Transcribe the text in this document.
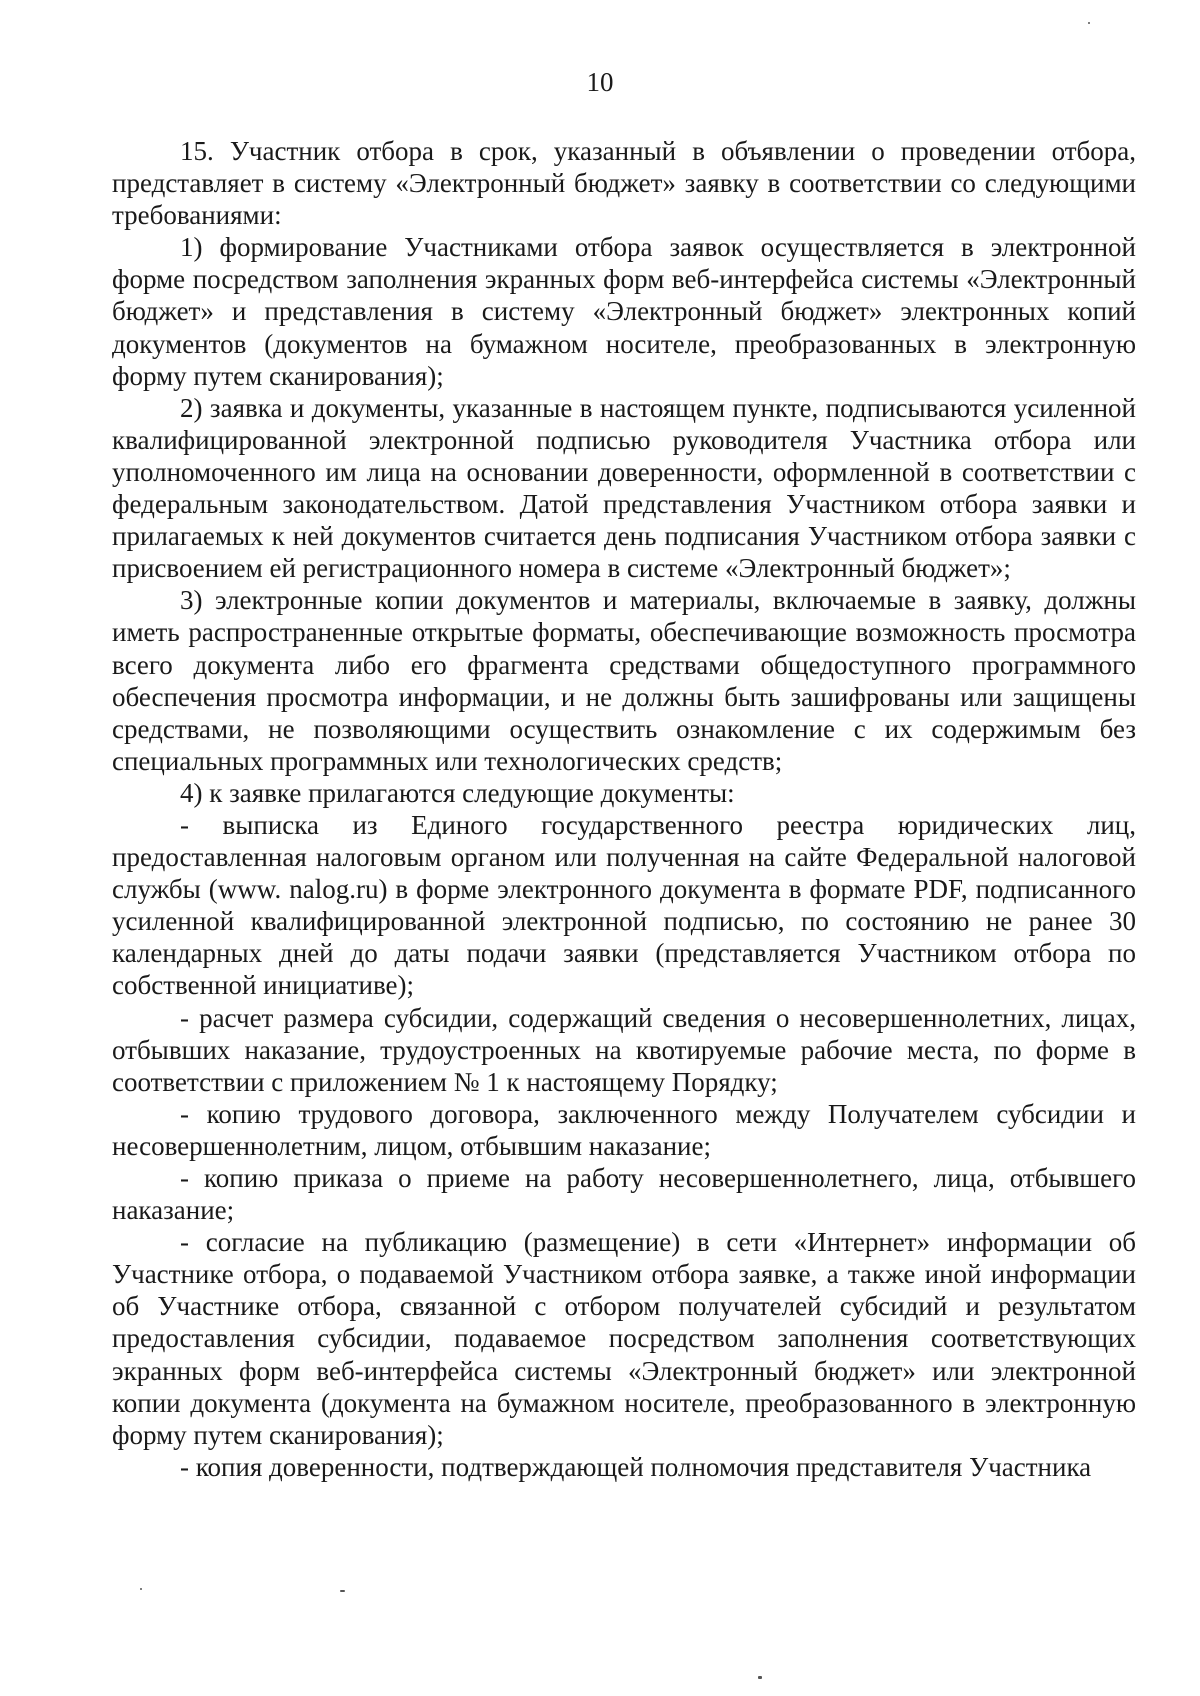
10

15. Участник отбора в срок, указанный в объявлении о проведении отбора, представляет в систему «Электронный бюджет» заявку в соответствии со следующими требованиями:

1) формирование Участниками отбора заявок осуществляется в электронной форме посредством заполнения экранных форм веб-интерфейса системы «Электронный бюджет» и представления в систему «Электронный бюджет» электронных копий документов (документов на бумажном носителе, преобразованных в электронную форму путем сканирования);

2) заявка и документы, указанные в настоящем пункте, подписываются усиленной квалифицированной электронной подписью руководителя Участника отбора или уполномоченного им лица на основании доверенности, оформленной в соответствии с федеральным законодательством. Датой представления Участником отбора заявки и прилагаемых к ней документов считается день подписания Участником отбора заявки с присвоением ей регистрационного номера в системе «Электронный бюджет»;

3) электронные копии документов и материалы, включаемые в заявку, должны иметь распространенные открытые форматы, обеспечивающие возможность просмотра всего документа либо его фрагмента средствами общедоступного программного обеспечения просмотра информации, и не должны быть зашифрованы или защищены средствами, не позволяющими осуществить ознакомление с их содержимым без специальных программных или технологических средств;

4) к заявке прилагаются следующие документы:

- выписка из Единого государственного реестра юридических лиц, предоставленная налоговым органом или полученная на сайте Федеральной налоговой службы (www. nalog.ru) в форме электронного документа в формате PDF, подписанного усиленной квалифицированной электронной подписью, по состоянию не ранее 30 календарных дней до даты подачи заявки (представляется Участником отбора по собственной инициативе);

- расчет размера субсидии, содержащий сведения о несовершеннолетних, лицах, отбывших наказание, трудоустроенных на квотируемые рабочие места, по форме в соответствии с приложением № 1 к настоящему Порядку;

- копию трудового договора, заключенного между Получателем субсидии и несовершеннолетним, лицом, отбывшим наказание;

- копию приказа о приеме на работу несовершеннолетнего, лица, отбывшего наказание;

- согласие на публикацию (размещение) в сети «Интернет» информации об Участнике отбора, о подаваемой Участником отбора заявке, а также иной информации об Участнике отбора, связанной с отбором получателей субсидий и результатом предоставления субсидии, подаваемое посредством заполнения соответствующих экранных форм веб-интерфейса системы «Электронный бюджет» или электронной копии документа (документа на бумажном носителе, преобразованного в электронную форму путем сканирования);

- копия доверенности, подтверждающей полномочия представителя Участника
